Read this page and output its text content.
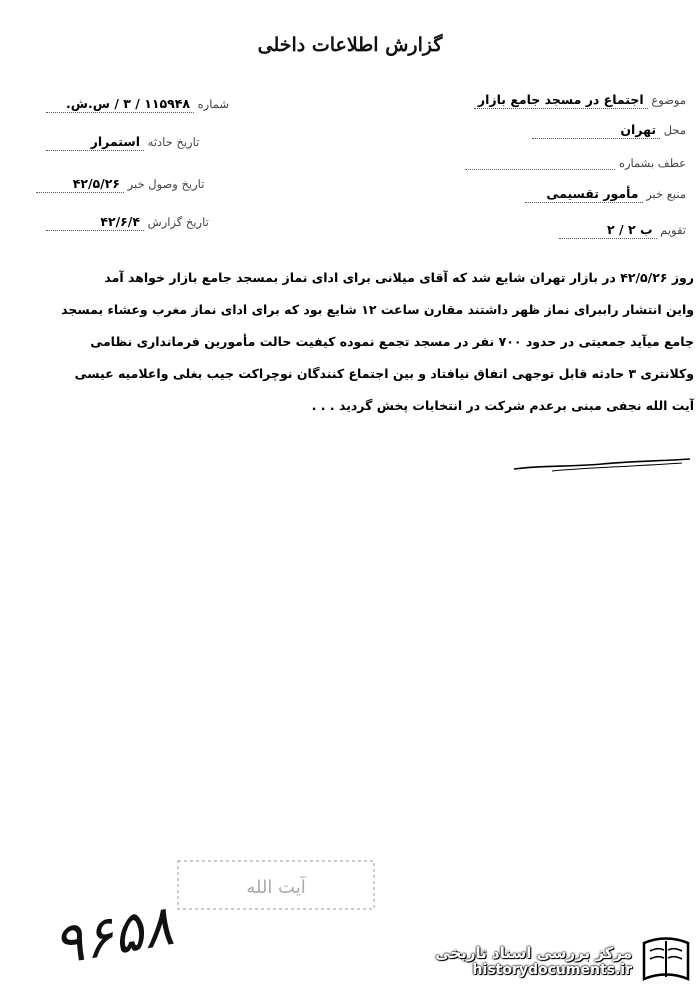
گزارش اطلاعات داخلی
موضوع اجتماع در مسجد جامع بازار
محل تهران
عطف بشماره
منبع خبر مأمور تقسیمی
تقویم ب ۲ / ۲
شماره ۱۱۵۹۴۸ / ۳ / س.ش.
تاریخ حادثه استمرار
تاریخ وصول خبر ۴۲/۵/۲۶
تاریخ گزارش ۴۲/۶/۴
روز ۴۲/۵/۲۶ در بازار تهران شایع شد که آقای میلانی برای ادای نماز بمسجد جامع بازار خواهد آمد
واین انتشار راببرای نماز ظهر داشتند مقارن ساعت ۱۲ شایع بود که برای ادای نماز مغرب وعشاء بمسجد
جامع میآید جمعیتی در حدود ۷۰۰ نفر در مسجد تجمع نموده کیفیت حالت مأمورین فرمانداری نظامی
وکلانتری ۳ حادثه قابل توجهی اتفاق نیافتاد و بین اجتماع کنندگان نوچراکت جیب بغلی واعلامیه عیسی
آیت الله نجفی مبنی برعدم شرکت در انتخابات پخش گردید . . .
آیت الله
۹۶۵۸	مرکز بررسی اسناد تاریخی
historydocuments.ir
